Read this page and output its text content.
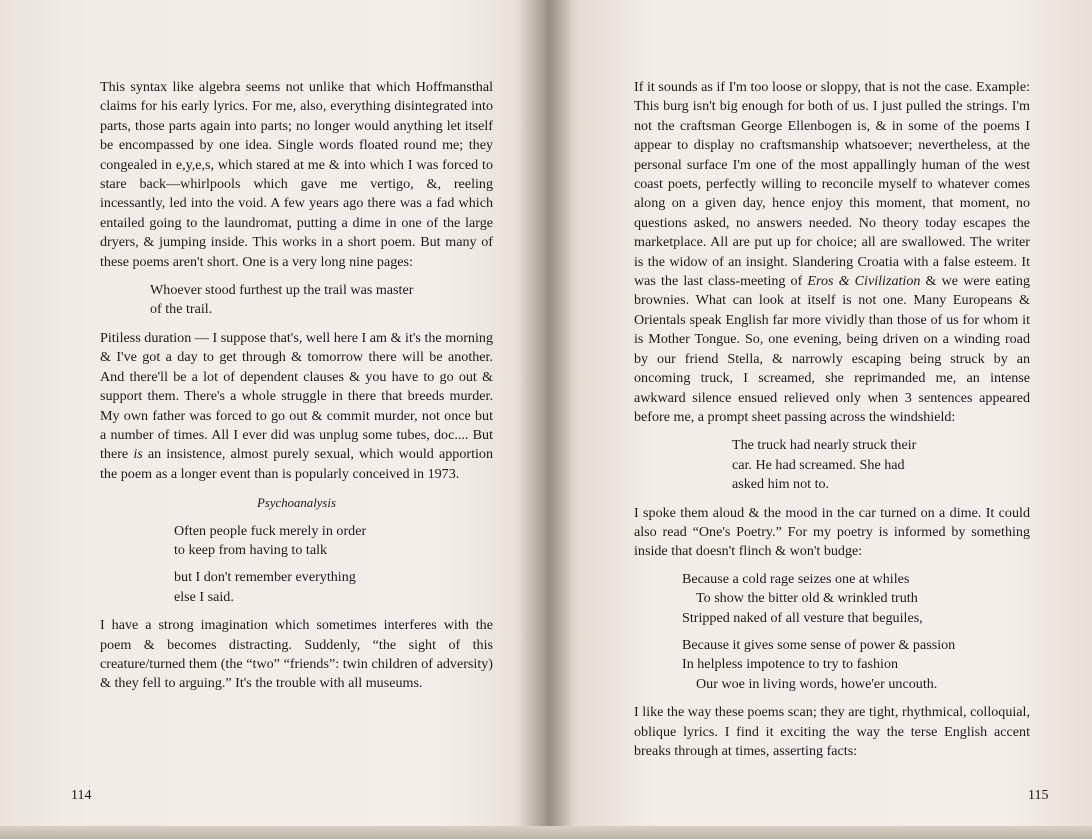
This syntax like algebra seems not unlike that which Hoffmansthal claims for his early lyrics. For me, also, everything disintegrated into parts, those parts again into parts; no longer would anything let itself be encompassed by one idea. Single words floated round me; they congealed in e,y,e,s, which stared at me & into which I was forced to stare back—whirlpools which gave me vertigo, &, reeling incessantly, led into the void. A few years ago there was a fad which entailed going to the laundromat, putting a dime in one of the large dryers, & jumping inside. This works in a short poem. But many of these poems aren't short. One is a very long nine pages:

Whoever stood furthest up the trail was master
of the trail.

Pitiless duration — I suppose that's, well here I am & it's the morning & I've got a day to get through & tomorrow there will be another. And there'll be a lot of dependent clauses & you have to go out & support them. There's a whole struggle in there that breeds murder. My own father was forced to go out & commit murder, not once but a number of times. All I ever did was unplug some tubes, doc.... But there is an insistence, almost purely sexual, which would apportion the poem as a longer event than is popularly conceived in 1973.

Psychoanalysis
Often people fuck merely in order
to keep from having to talk
but I don't remember everything
else I said.

I have a strong imagination which sometimes interferes with the poem & becomes distracting. Suddenly, “the sight of this creature/turned them (the “two” “friends”: twin children of adversity) & they fell to arguing.” It's the trouble with all museums.

114

If it sounds as if I'm too loose or sloppy, that is not the case. Example: This burg isn't big enough for both of us. I just pulled the strings. I'm not the craftsman George Ellenbogen is, & in some of the poems I appear to display no craftsmanship whatsoever; nevertheless, at the personal surface I'm one of the most appallingly human of the west coast poets, perfectly willing to reconcile myself to whatever comes along on a given day, hence enjoy this moment, that moment, no questions asked, no answers needed. No theory today escapes the marketplace. All are put up for choice; all are swallowed. The writer is the widow of an insight. Slandering Croatia with a false esteem. It was the last class-meeting of Eros & Civilization & we were eating brownies. What can look at itself is not one. Many Europeans & Orientals speak English far more vividly than those of us for whom it is Mother Tongue. So, one evening, being driven on a winding road by our friend Stella, & narrowly escaping being struck by an oncoming truck, I screamed, she reprimanded me, an intense awkward silence ensued relieved only when 3 sentences appeared before me, a prompt sheet passing across the windshield:

The truck had nearly struck their
car. He had screamed. She had
asked him not to.

I spoke them aloud & the mood in the car turned on a dime. It could also read “One's Poetry.” For my poetry is informed by something inside that doesn't flinch & won't budge:

Because a cold rage seizes one at whiles
To show the bitter old & wrinkled truth
Stripped naked of all vesture that beguiles,
Because it gives some sense of power & passion
In helpless impotence to try to fashion
Our woe in living words, howe'er uncouth.

I like the way these poems scan; they are tight, rhythmical, colloquial, oblique lyrics. I find it exciting the way the terse English accent breaks through at times, asserting facts:

115
